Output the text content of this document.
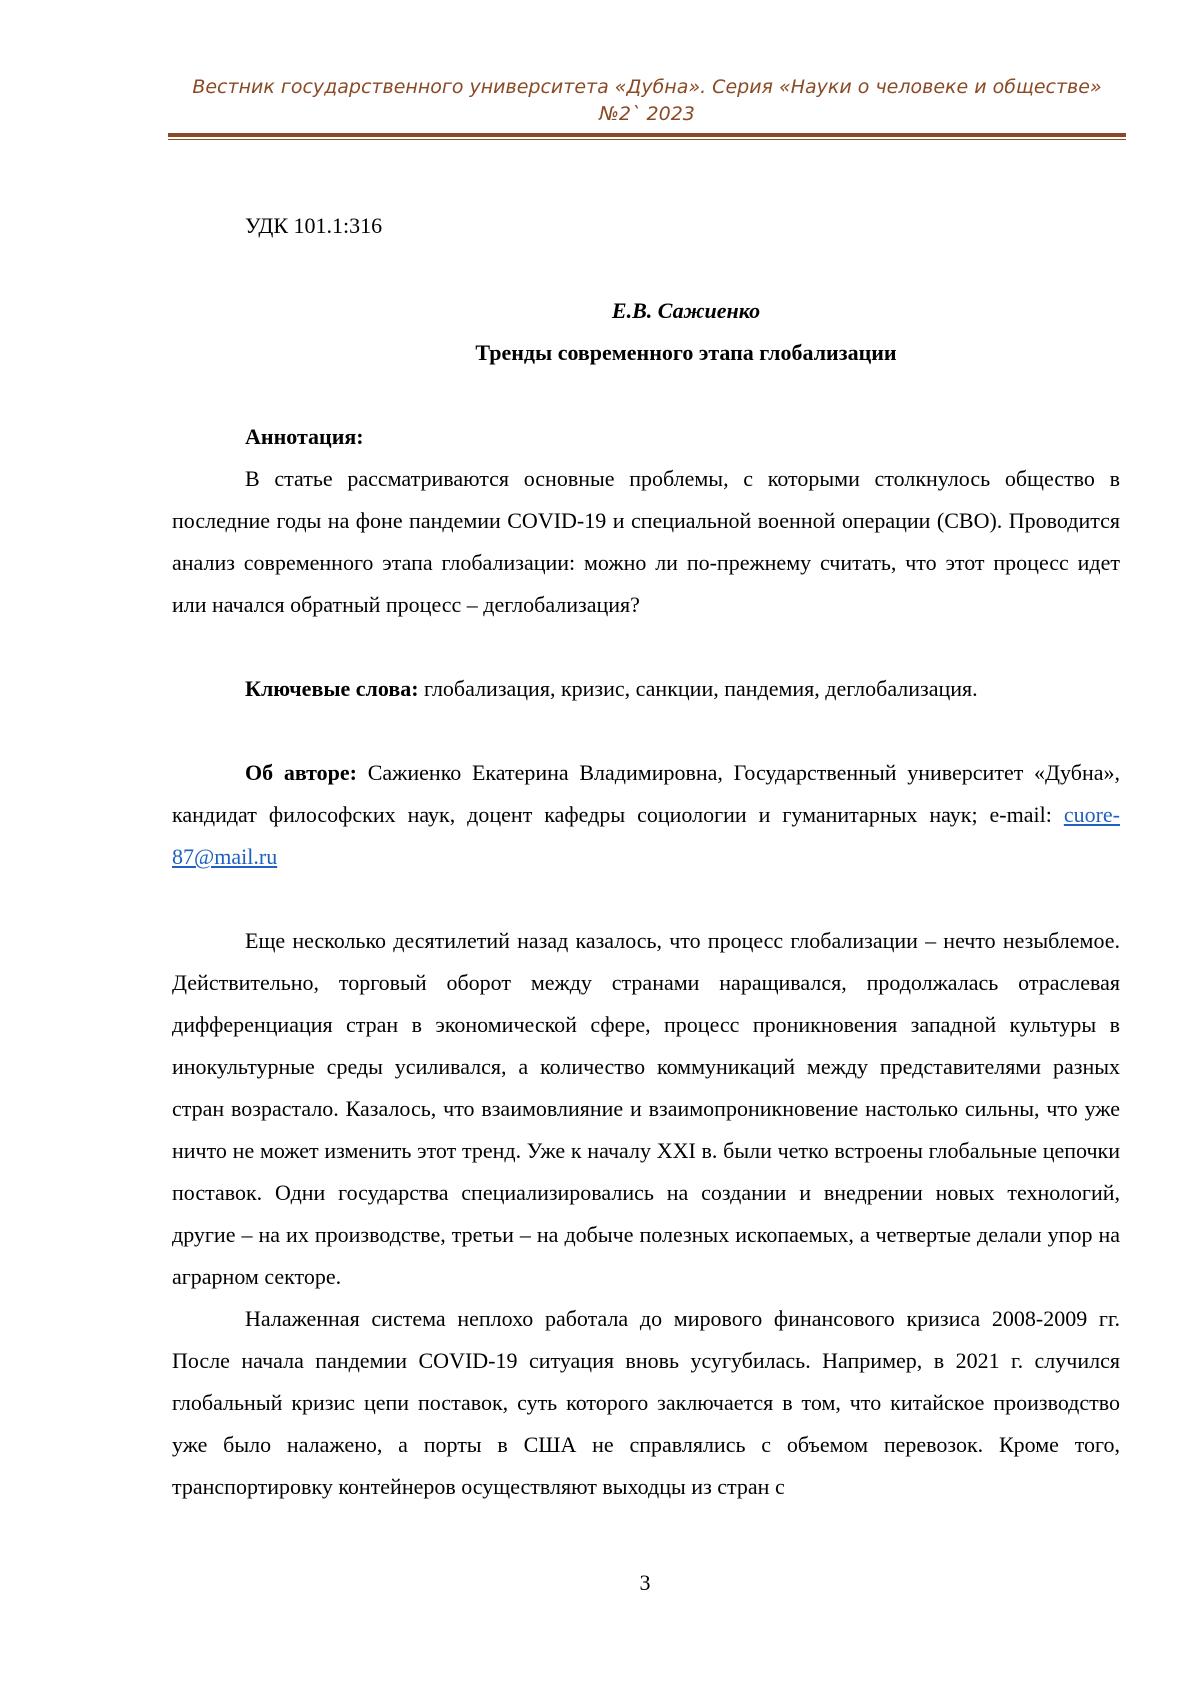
Вестник государственного университета «Дубна». Серия «Науки о человеке и обществе»
№2` 2023
УДК 101.1:316
Е.В. Сажиенко
Тренды современного этапа глобализации
Аннотация:

В статье рассматриваются основные проблемы, с которыми столкнулось общество в последние годы на фоне пандемии COVID-19 и специальной военной операции (СВО). Проводится анализ современного этапа глобализации: можно ли по-прежнему считать, что этот процесс идет или начался обратный процесс – деглобализация?

Ключевые слова: глобализация, кризис, санкции, пандемия, деглобализация.

Об автоpe: Сажиенко Екатерина Владимировна, Государственный университет «Дубна», кандидат философских наук, доцент кафедры социологии и гуманитарных наук; e-mail: cuore-87@mail.ru

Еще несколько десятилетий назад казалось, что процесс глобализации – нечто незыблемое. Действительно, торговый оборот между странами наращивался, продолжалась отраслевая дифференциация стран в экономической сфере, процесс проникновения западной культуры в инокультурные среды усиливался, а количество коммуникаций между представителями разных стран возрастало. Казалось, что взаимовлияние и взаимопроникновение настолько сильны, что уже ничто не может изменить этот тренд. Уже к началу XXI в. были четко встроены глобальные цепочки поставок. Одни государства специализировались на создании и внедрении новых технологий, другие – на их производстве, третьи – на добыче полезных ископаемых, а четвертые делали упор на аграрном секторе.

Налаженная система неплохо работала до мирового финансового кризиса 2008-2009 гг. После начала пандемии COVID-19 ситуация вновь усугубилась. Например, в 2021 г. случился глобальный кризис цепи поставок, суть которого заключается в том, что китайское производство уже было налажено, а порты в США не справлялись с объемом перевозок. Кроме того, транспортировку контейнеров осуществляют выходцы из стран с

3
